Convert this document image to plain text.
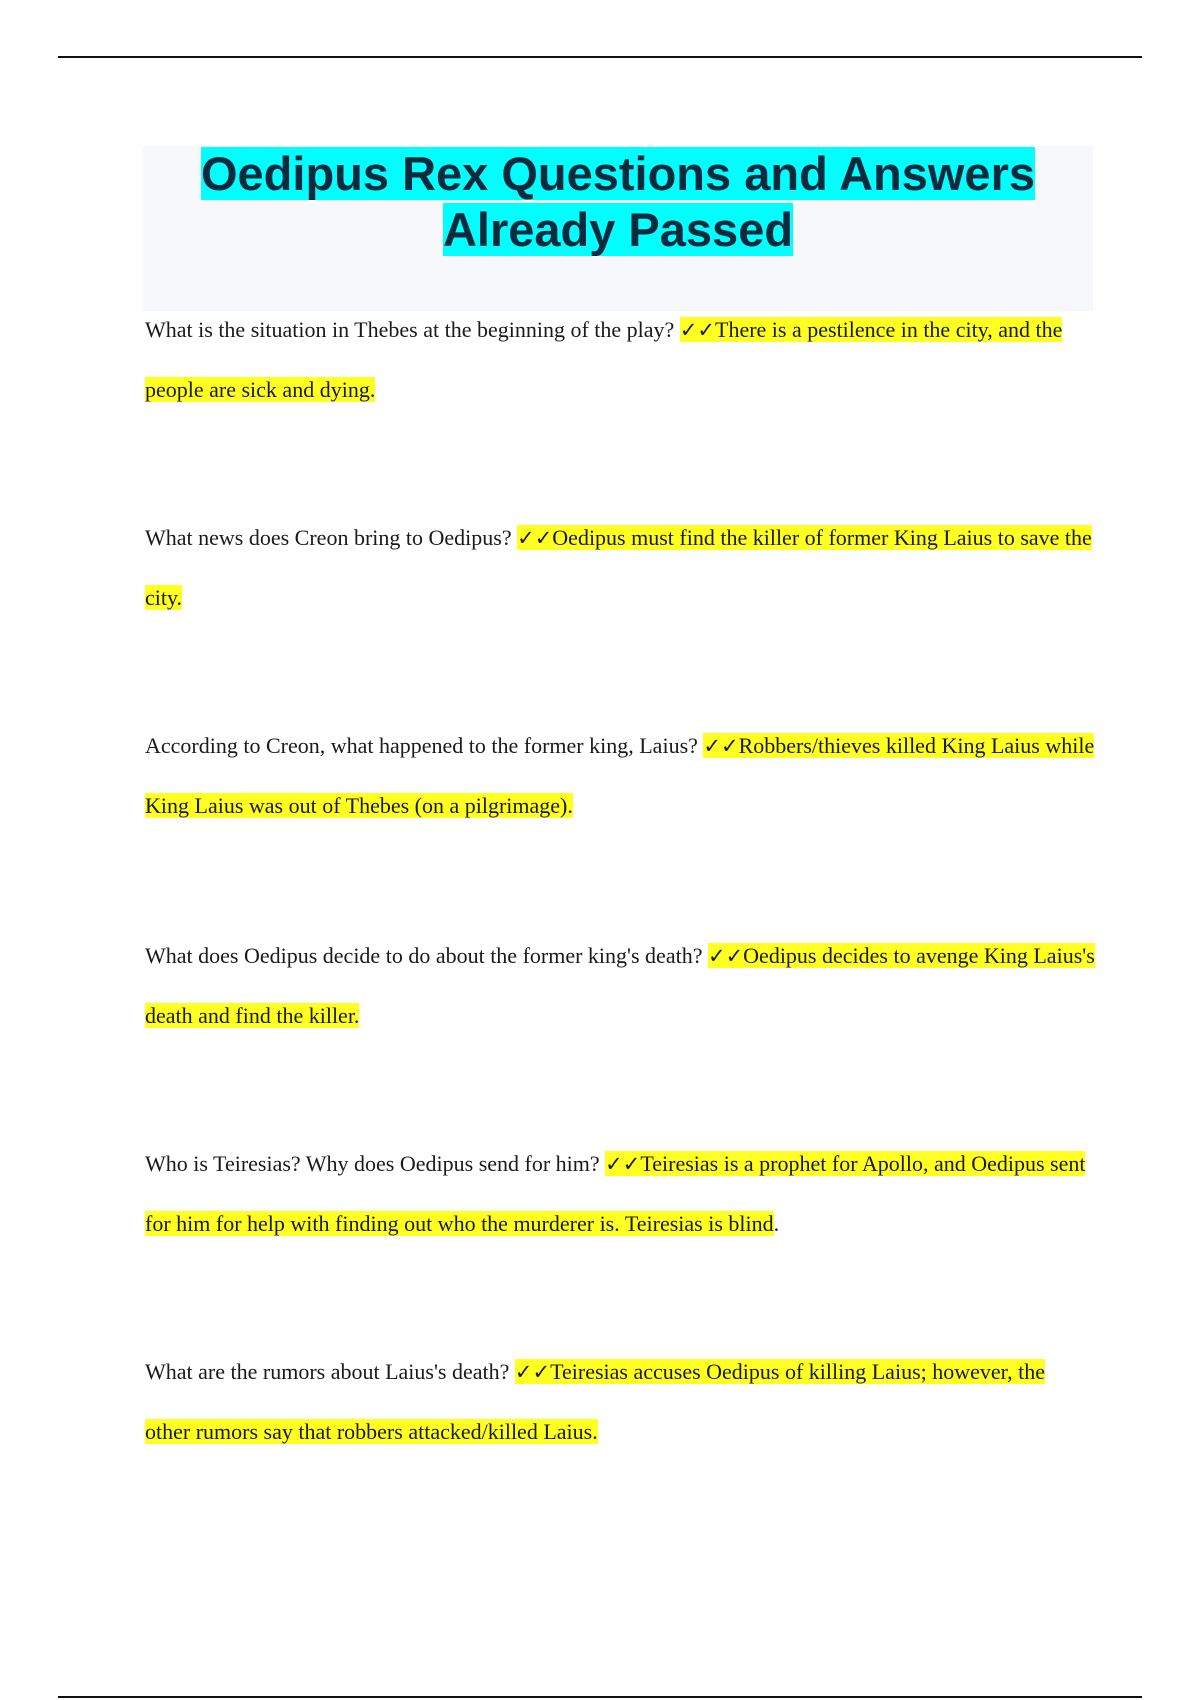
Oedipus Rex Questions and Answers
Already Passed
What is the situation in Thebes at the beginning of the play? ✓✓There is a pestilence in the city, and the people are sick and dying.
What news does Creon bring to Oedipus? ✓✓Oedipus must find the killer of former King Laius to save the city.
According to Creon, what happened to the former king, Laius? ✓✓Robbers/thieves killed King Laius while King Laius was out of Thebes (on a pilgrimage).
What does Oedipus decide to do about the former king's death? ✓✓Oedipus decides to avenge King Laius's death and find the killer.
Who is Teiresias? Why does Oedipus send for him? ✓✓Teiresias is a prophet for Apollo, and Oedipus sent for him for help with finding out who the murderer is. Teiresias is blind.
What are the rumors about Laius's death? ✓✓Teiresias accuses Oedipus of killing Laius; however, the other rumors say that robbers attacked/killed Laius.
